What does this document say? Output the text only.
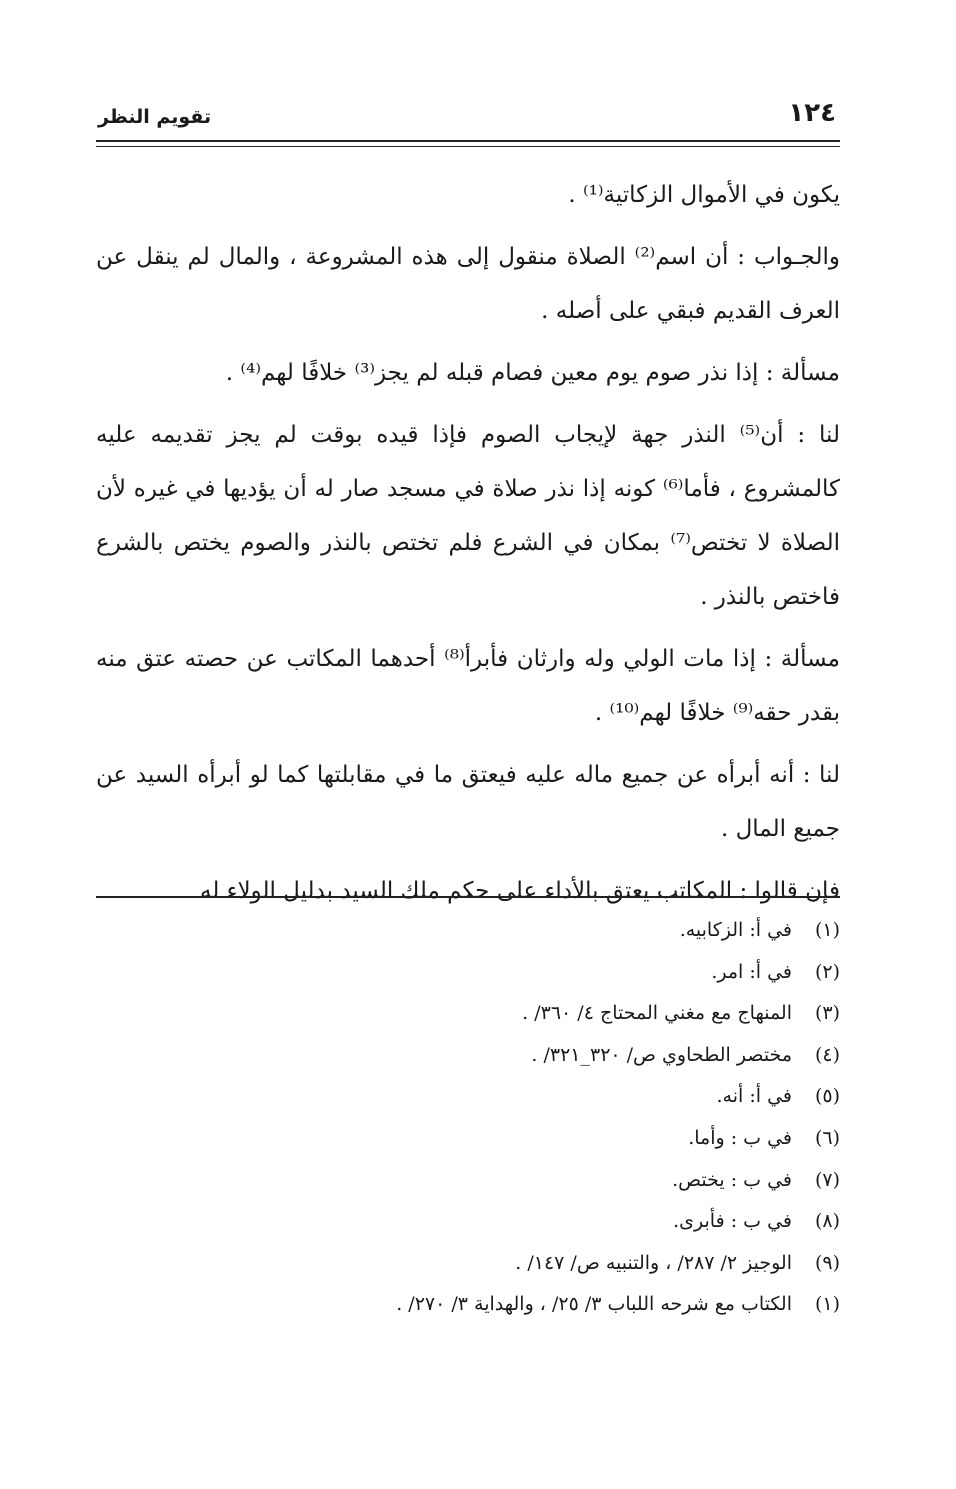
١٢٤
تقويم النظر

يكون في الأموال الزكاتية⁽¹⁾ .

والجـواب : أن اسم⁽²⁾ الصلاة منقول إلى هذه المشروعة ، والمال لم ينقل عن العرف القديم فبقي على أصله .

مسألة : إذا نذر صوم يوم معين فصام قبله لم يجز⁽³⁾ خلافًا لهم⁽⁴⁾ .

لنا : أن⁽⁵⁾ النذر جهة لإيجاب الصوم فإذا قيده بوقت لم يجز تقديمه عليه كالمشروع ، فأما⁽⁶⁾ كونه إذا نذر صلاة في مسجد صار له أن يؤديها في غيره لأن الصلاة لا تختص⁽⁷⁾ بمكان في الشرع فلم تختص بالنذر والصوم يختص بالشرع فاختص بالنذر .

مسألة : إذا مات الولي وله وارثان فأبرأ⁽⁸⁾ أحدهما المكاتب عن حصته عتق منه بقدر حقه⁽⁹⁾ خلافًا لهم⁽¹⁰⁾ .

لنا : أنه أبرأه عن جميع ماله عليه فيعتق ما في مقابلتها كما لو أبرأه السيد عن جميع المال .

فإن قالوا : المكاتب يعتق بالأداء على حكم ملك السيد بدليل الولاء له

(١)
في أ: الزكابيه.
(٢)
في أ: امر.
(٣)
المنهاج مع مغني المحتاج ٤/ ٣٦٠/ .
(٤)
مختصر الطحاوي ص/ ٣٢٠_٣٢١/ .
(٥)
في أ: أنه.
(٦)
في ب : وأما.
(٧)
في ب : يختص.
(٨)
في ب : فأبرى.
(٩)
الوجيز ٢/ ٢٨٧/ ، والتنبيه ص/ ١٤٧/ .
(١)
الكتاب مع شرحه اللباب ٣/ ٢٥/ ، والهداية ٣/ ٢٧٠/ .
